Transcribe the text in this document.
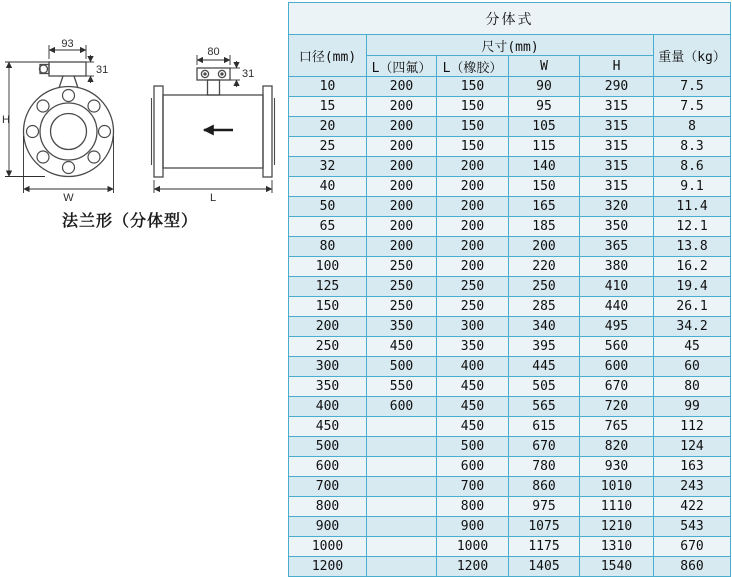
93
31
H
W
80
31
L
法兰形（分体型）
分体式					
口径(mm)	尺寸(mm)				重量（kg）
	L（四氟）	L（橡胶）	W	H	
10	200	150	90	290	7.5
15	200	150	95	315	7.5
20	200	150	105	315	8
25	200	150	115	315	8.3
32	200	200	140	315	8.6
40	200	200	150	315	9.1
50	200	200	165	320	11.4
65	200	200	185	350	12.1
80	200	200	200	365	13.8
100	250	200	220	380	16.2
125	250	250	250	410	19.4
150	250	250	285	440	26.1
200	350	300	340	495	34.2
250	450	350	395	560	45
300	500	400	445	600	60
350	550	450	505	670	80
400	600	450	565	720	99
450		450	615	765	112
500		500	670	820	124
600		600	780	930	163
700		700	860	1010	243
800		800	975	1110	422
900		900	1075	1210	543
1000		1000	1175	1310	670
1200		1200	1405	1540	860
